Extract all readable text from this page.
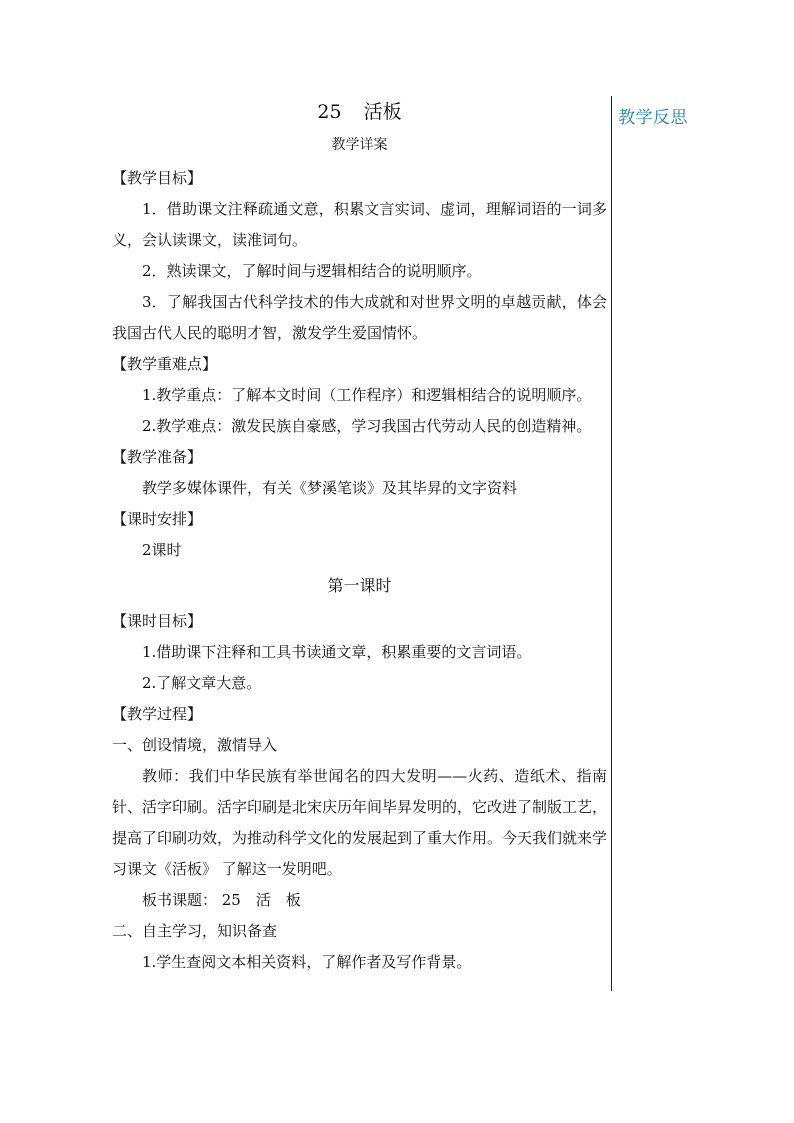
教学反思
25 活板

教学详案

【教学目标】

1．借助课文注释疏通文意，积累文言实词、虚词，理解词语的一词多义，会认读课文，读准词句。

2．熟读课文，了解时间与逻辑相结合的说明顺序。

3．了解我国古代科学技术的伟大成就和对世界文明的卓越贡献，体会我国古代人民的聪明才智，激发学生爱国情怀。

【教学重难点】

1.教学重点：了解本文时间（工作程序）和逻辑相结合的说明顺序。

2.教学难点：激发民族自豪感，学习我国古代劳动人民的创造精神。

【教学准备】

教学多媒体课件，有关《梦溪笔谈》及其毕昇的文字资料

【课时安排】

2课时

第一课时

【课时目标】

1.借助课下注释和工具书读通文章，积累重要的文言词语。

2.了解文章大意。

【教学过程】

一、创设情境，激情导入

教师：我们中华民族有举世闻名的四大发明——火药、造纸术、指南针、活字印刷。活字印刷是北宋庆历年间毕昇发明的，它改进了制版工艺，提高了印刷功效，为推动科学文化的发展起到了重大作用。今天我们就来学习课文《活板》 了解这一发明吧。

板书课题： 25　活　板

二、自主学习，知识备查

1.学生查阅文本相关资料，了解作者及写作背景。
